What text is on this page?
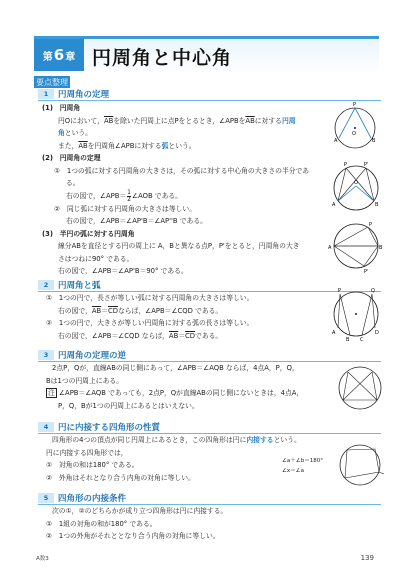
第 6 章 円周角と中心角
要点整理
1	円周角の定理
(1)　円周角
円Oにおいて，$\overline{AB}$を除いた円周上に点Pをとるとき，∠APBを$\overline{AB}$に対する円周
角という。
また，$\overline{AB}$を円周角∠APBに対する弧という。
(2)　円周角の定理
①　1つの弧に対する円周角の大きさは，その弧に対する中心角の大きさの半分であ
る。
右の図で，∠APB＝ $\frac{1}{2}$ ∠AOB である。
②　同じ弧に対する円周角の大きさは等しい。
右の図で，∠APB＝∠AP'B＝∠AP''B である。
(3)　半円の弧に対する円周角
線分ABを直径とする円の周上に A，Bと異なる点P，P'をとると，円周角の大き
さはつねに90° である。
右の図で，∠APB＝∠AP'B＝90° である。
P
A	B
O
P	P'
A	B
O
P
P'
A	B
2	円周角と弧
①　1つの円で，長さが等しい弧に対する円周角の大きさは等しい。
右の図で，$\overline{AB}=\overline{CD}$ならば，∠APB＝∠CQD である。
②　1つの円で，大きさが等しい円周角に対する弧の長さは等しい。
右の図で，∠APB＝∠CQD ならば，$\overline{AB}=\overline{CD}$である。
P	Q
A
B C
D
3	円周角の定理の逆
2点P，Qが，直線ABの同じ側にあって，∠APB＝∠AQB ならば，4点A，P，Q，
Bは1つの円周上にある。
注 ∠APB＝∠AQB であっても，2点P，Qが直線ABの同じ側にないときは，4点A，
P，Q，Bが1つの円周上にあるとはいえない。
4	円に内接する四角形の性質
四角形の4つの頂点が同じ円周上にあるとき，この四角形は円に内接するという。
円に内接する四角形では，
①　対角の和は180° である。
②　外角はそれとなり合う内角の対角に等しい。
∠a＋∠b＝180°
∠x＝∠a
5	四角形の内接条件
次の①，②のどちらかが成り立つ四角形は円に内接する。
①　1組の対角の和が180° である。
②　1つの外角がそれととなり合う内角の対角に等しい。
A数3	139
